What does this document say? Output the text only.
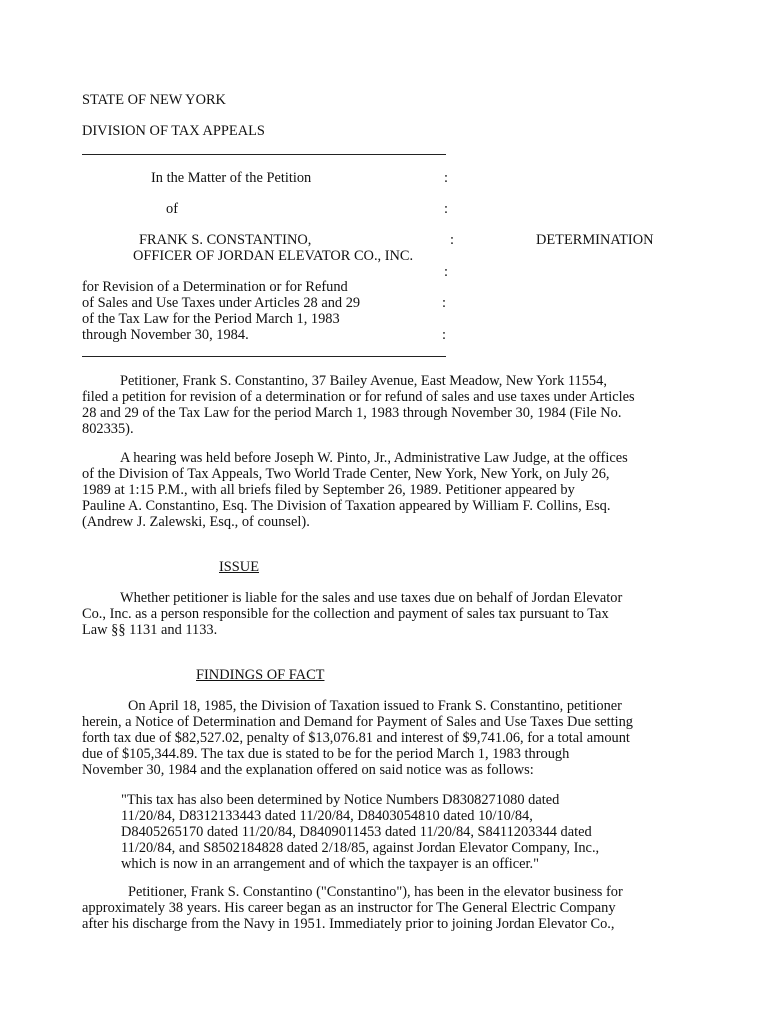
STATE OF NEW YORK
DIVISION OF TAX APPEALS
In the Matter of the Petition	:
of	:
FRANK S. CONSTANTINO,	:	DETERMINATION
OFFICER OF JORDAN ELEVATOR CO., INC.
:
for Revision of a Determination or for Refund
of Sales and Use Taxes under Articles 28 and 29	:
of the Tax Law for the Period March 1, 1983
through November 30, 1984.	:
Petitioner, Frank S. Constantino, 37 Bailey Avenue, East Meadow, New York 11554,
filed a petition for revision of a determination or for refund of sales and use taxes under Articles
28 and 29 of the Tax Law for the period March 1, 1983 through November 30, 1984 (File No.
802335).
A hearing was held before Joseph W. Pinto, Jr., Administrative Law Judge, at the offices
of the Division of Tax Appeals, Two World Trade Center, New York, New York, on July 26,
1989 at 1:15 P.M., with all briefs filed by September 26, 1989. Petitioner appeared by
Pauline A. Constantino, Esq. The Division of Taxation appeared by William F. Collins, Esq.
(Andrew J. Zalewski, Esq., of counsel).
ISSUE
Whether petitioner is liable for the sales and use taxes due on behalf of Jordan Elevator
Co., Inc. as a person responsible for the collection and payment of sales tax pursuant to Tax
Law §§ 1131 and 1133.
FINDINGS OF FACT
On April 18, 1985, the Division of Taxation issued to Frank S. Constantino, petitioner
herein, a Notice of Determination and Demand for Payment of Sales and Use Taxes Due setting
forth tax due of $82,527.02, penalty of $13,076.81 and interest of $9,741.06, for a total amount
due of $105,344.89. The tax due is stated to be for the period March 1, 1983 through
November 30, 1984 and the explanation offered on said notice was as follows:
"This tax has also been determined by Notice Numbers D8308271080 dated
11/20/84, D8312133443 dated 11/20/84, D8403054810 dated 10/10/84,
D8405265170 dated 11/20/84, D8409011453 dated 11/20/84, S8411203344 dated
11/20/84, and S8502184828 dated 2/18/85, against Jordan Elevator Company, Inc.,
which is now in an arrangement and of which the taxpayer is an officer."
Petitioner, Frank S. Constantino ("Constantino"), has been in the elevator business for
approximately 38 years. His career began as an instructor for The General Electric Company
after his discharge from the Navy in 1951. Immediately prior to joining Jordan Elevator Co.,
